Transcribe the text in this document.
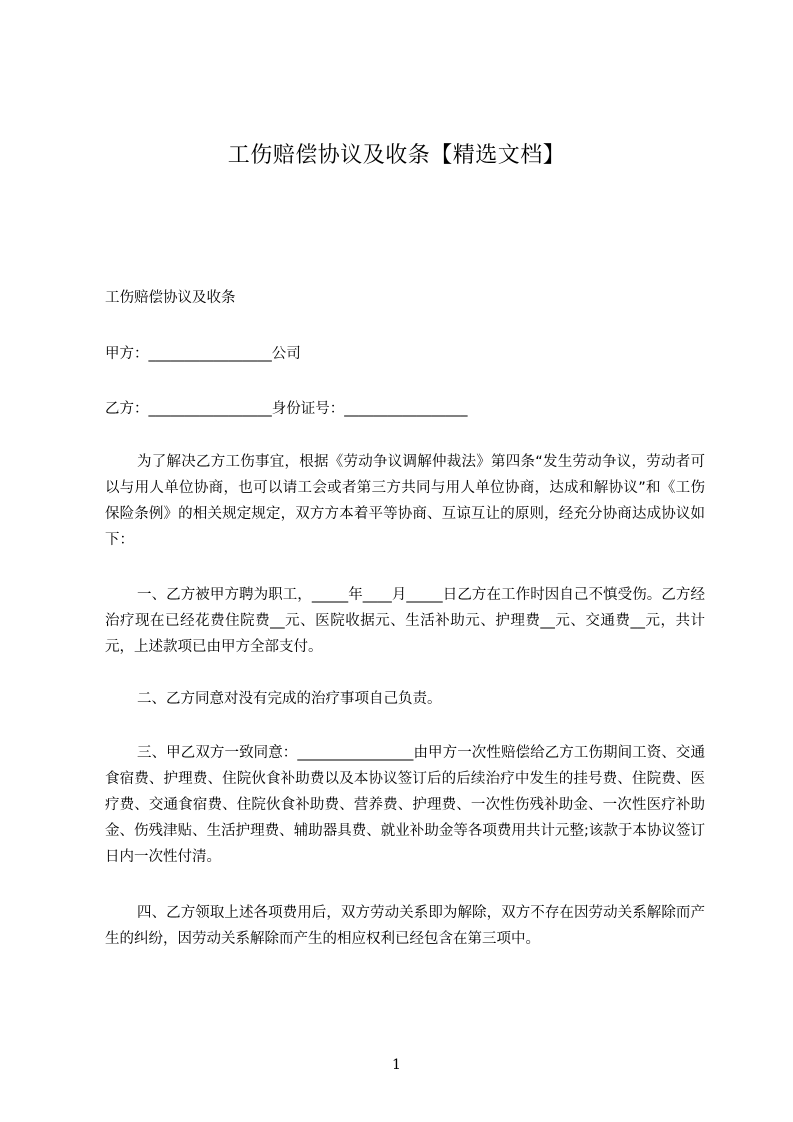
工伤赔偿协议及收条【精选文档】

工伤赔偿协议及收条

甲方：_________________公司

乙方：_________________身份证号：_________________

为了解决乙方工伤事宜，根据《劳动争议调解仲裁法》第四条“发生劳动争议，劳动者可以与用人单位协商，也可以请工会或者第三方共同与用人单位协商，达成和解协议”和《工伤保险条例》的相关规定规定，双方方本着平等协商、互谅互让的原则，经充分协商达成协议如下：

一、乙方被甲方聘为职工，_____年____月_____日乙方在工作时因自己不慎受伤。乙方经治疗现在已经花费住院费__元、医院收据元、生活补助元、护理费__元、交通费__元，共计元，上述款项已由甲方全部支付。

二、乙方同意对没有完成的治疗事项自己负责。

三、甲乙双方一致同意：________________由甲方一次性赔偿给乙方工伤期间工资、交通食宿费、护理费、住院伙食补助费以及本协议签订后的后续治疗中发生的挂号费、住院费、医疗费、交通食宿费、住院伙食补助费、营养费、护理费、一次性伤残补助金、一次性医疗补助金、伤残津贴、生活护理费、辅助器具费、就业补助金等各项费用共计元整;该款于本协议签订日内一次性付清。

四、乙方领取上述各项费用后，双方劳动关系即为解除，双方不存在因劳动关系解除而产生的纠纷，因劳动关系解除而产生的相应权利已经包含在第三项中。

1
